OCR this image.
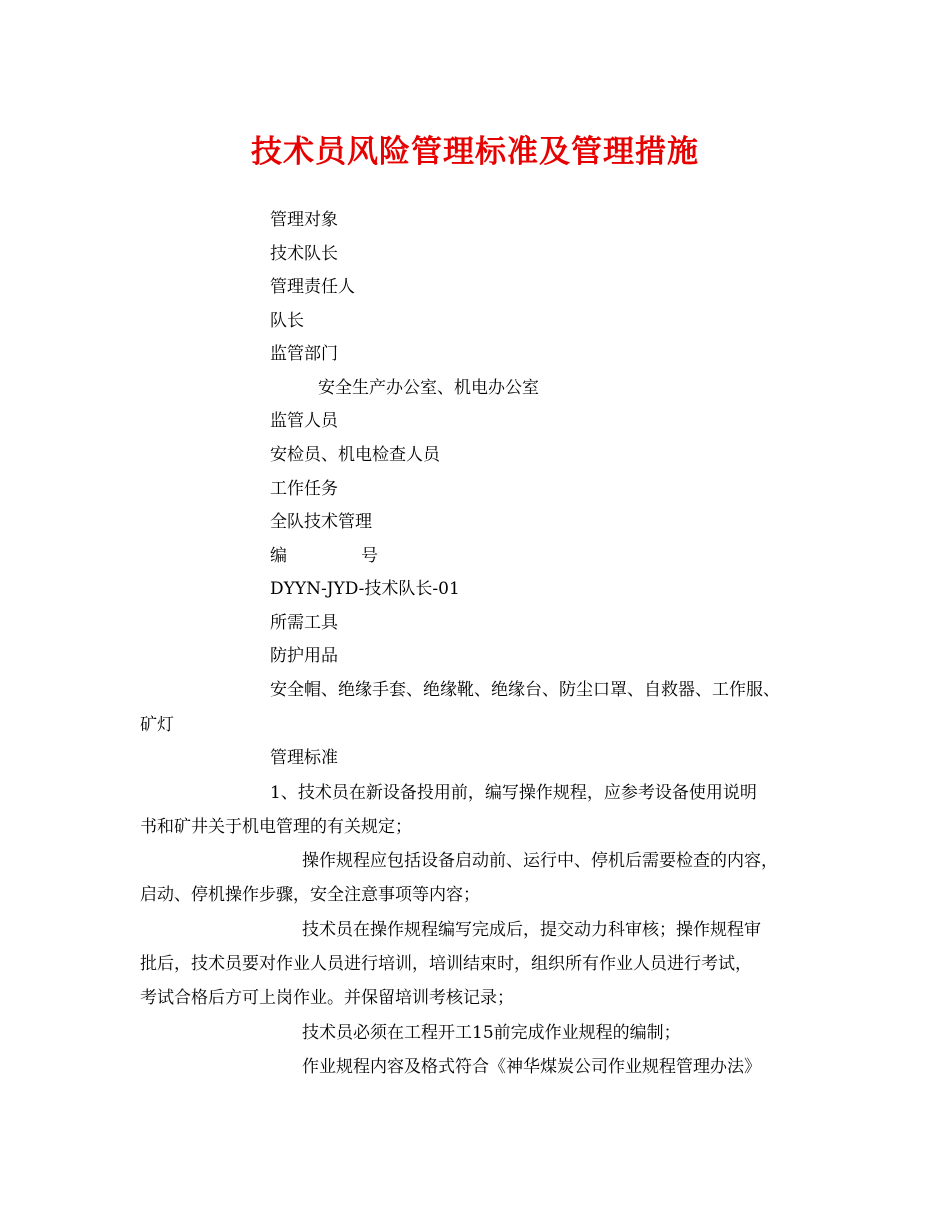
技术员风险管理标准及管理措施
管理对象
技术队长
管理责任人
队长
监管部门
安全生产办公室、机电办公室
监管人员
安检员、机电检查人员
工作任务
全队技术管理
编	号
DYYN-JYD-技术队长-01
所需工具
防护用品
安全帽、绝缘手套、绝缘靴、绝缘台、防尘口罩、自救器、工作服、
矿灯
管理标准
1、技术员在新设备投用前，编写操作规程，应参考设备使用说明
书和矿井关于机电管理的有关规定；
操作规程应包括设备启动前、运行中、停机后需要检查的内容，
启动、停机操作步骤，安全注意事项等内容；
技术员在操作规程编写完成后，提交动力科审核；操作规程审
批后，技术员要对作业人员进行培训，培训结束时，组织所有作业人员进行考试，
考试合格后方可上岗作业。并保留培训考核记录；
技术员必须在工程开工15前完成作业规程的编制；
作业规程内容及格式符合《神华煤炭公司作业规程管理办法》
